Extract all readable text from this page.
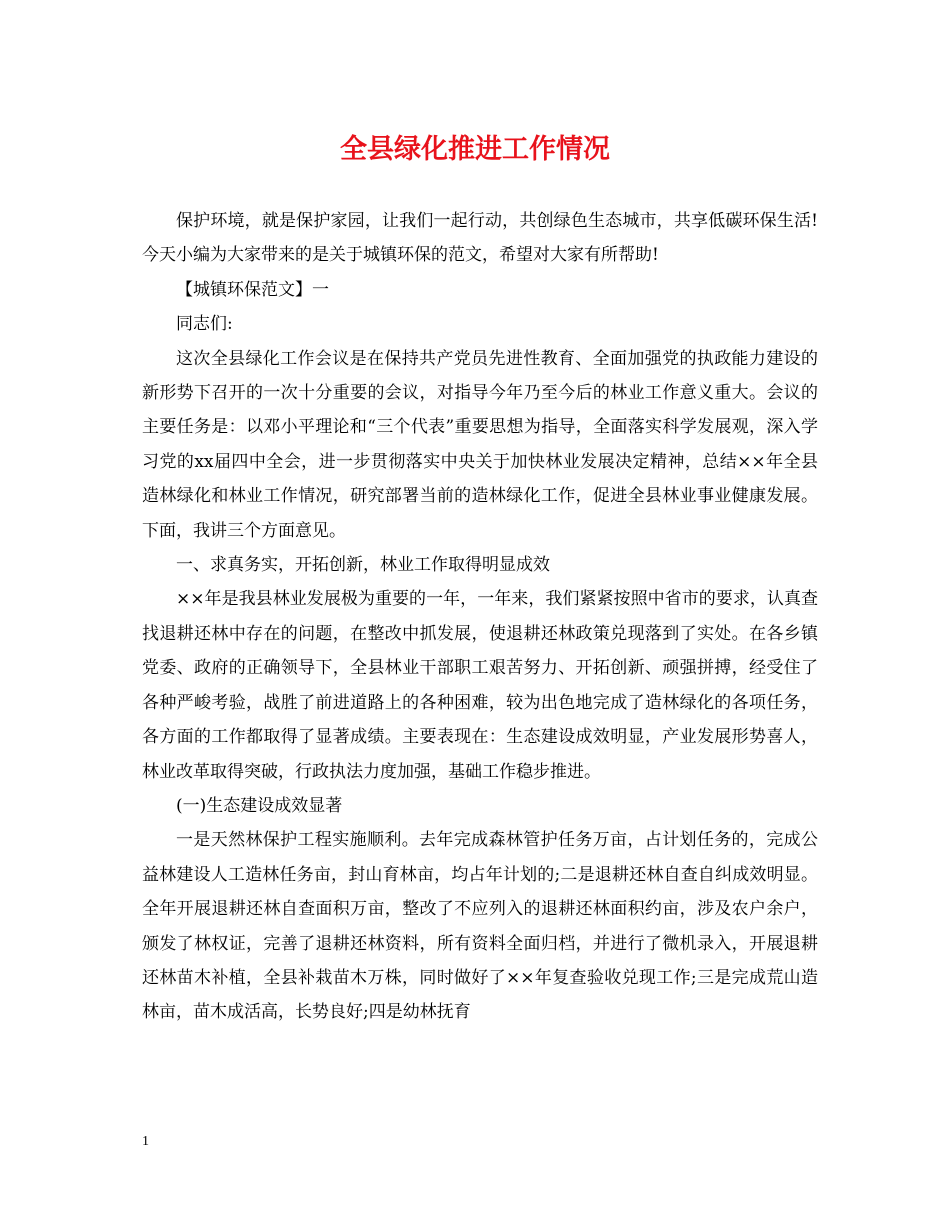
全县绿化推进工作情况

保护环境，就是保护家园，让我们一起行动，共创绿色生态城市，共享低碳环保生活!今天小编为大家带来的是关于城镇环保的范文，希望对大家有所帮助!

【城镇环保范文】一

同志们:

这次全县绿化工作会议是在保持共产党员先进性教育、全面加强党的执政能力建设的新形势下召开的一次十分重要的会议，对指导今年乃至今后的林业工作意义重大。会议的主要任务是：以邓小平理论和“三个代表”重要思想为指导，全面落实科学发展观，深入学习党的xx届四中全会，进一步贯彻落实中央关于加快林业发展决定精神，总结××年全县造林绿化和林业工作情况，研究部署当前的造林绿化工作，促进全县林业事业健康发展。下面，我讲三个方面意见。

一、求真务实，开拓创新，林业工作取得明显成效

××年是我县林业发展极为重要的一年，一年来，我们紧紧按照中省市的要求，认真查找退耕还林中存在的问题，在整改中抓发展，使退耕还林政策兑现落到了实处。在各乡镇党委、政府的正确领导下，全县林业干部职工艰苦努力、开拓创新、顽强拼搏，经受住了各种严峻考验，战胜了前进道路上的各种困难，较为出色地完成了造林绿化的各项任务，各方面的工作都取得了显著成绩。主要表现在：生态建设成效明显，产业发展形势喜人，林业改革取得突破，行政执法力度加强，基础工作稳步推进。

(一)生态建设成效显著

一是天然林保护工程实施顺利。去年完成森林管护任务万亩，占计划任务的，完成公益林建设人工造林任务亩，封山育林亩，均占年计划的;二是退耕还林自查自纠成效明显。全年开展退耕还林自查面积万亩，整改了不应列入的退耕还林面积约亩，涉及农户余户，颁发了林权证，完善了退耕还林资料，所有资料全面归档，并进行了微机录入，开展退耕还林苗木补植，全县补栽苗木万株，同时做好了××年复查验收兑现工作;三是完成荒山造林亩，苗木成活高，长势良好;四是幼林抚育

1
